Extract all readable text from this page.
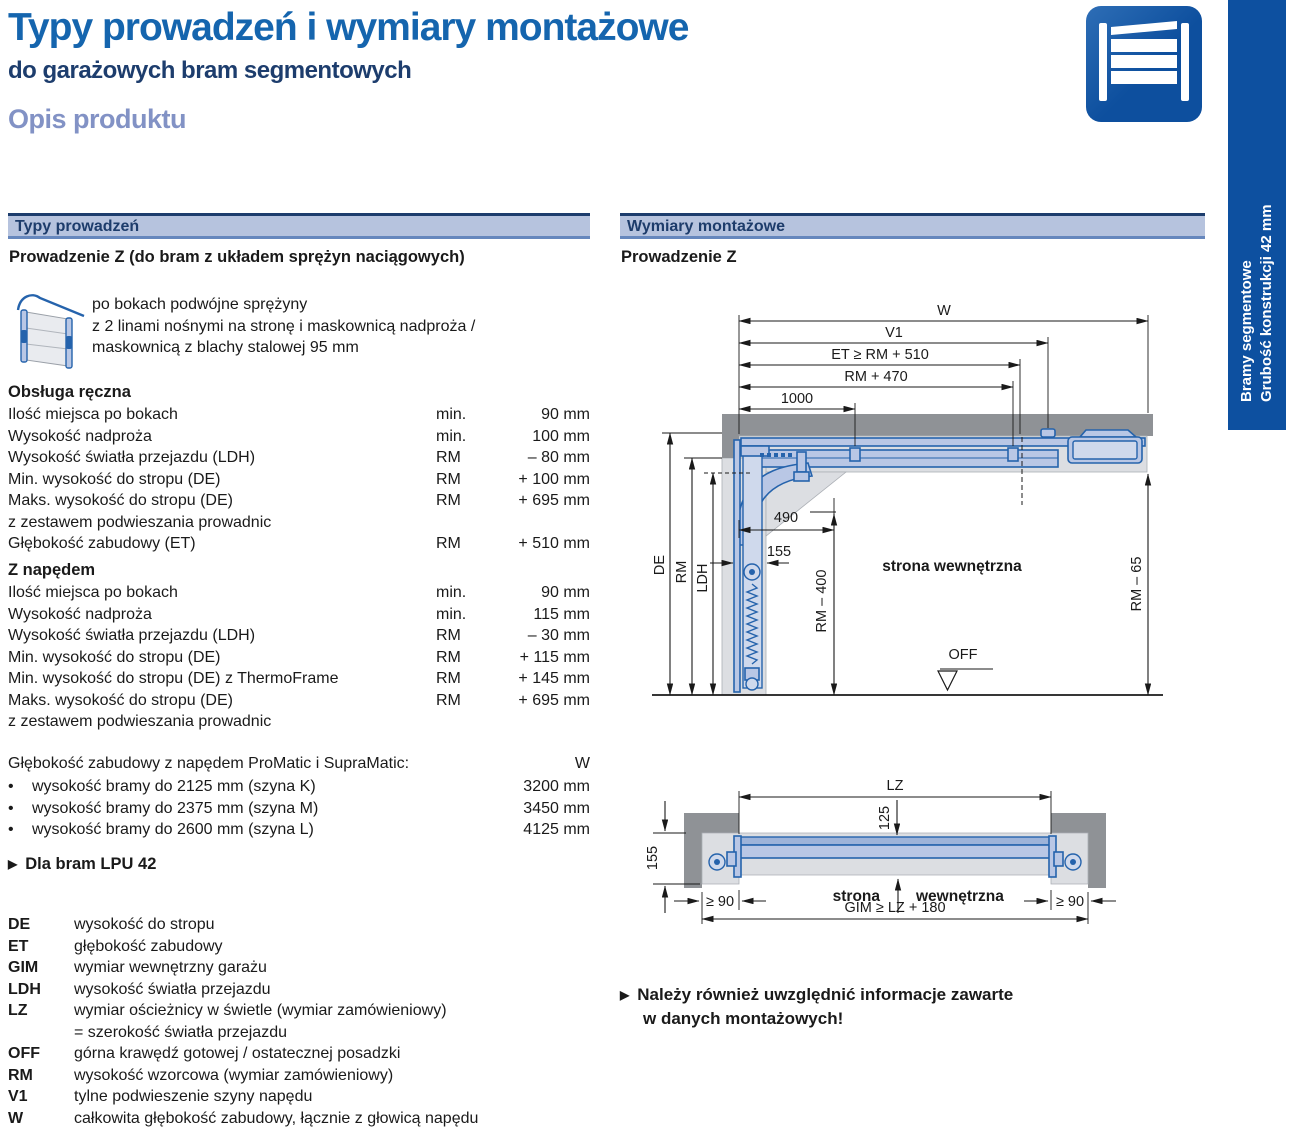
Typy prowadzeń i wymiary montażowe
do garażowych bram segmentowych
Opis produktu
Bramy segmentowe Grubość konstrukcji 42 mm
Typy prowadzeń
Prowadzenie Z (do bram z układem sprężyn naciągowych)
po bokach podwójne sprężyny
z 2 linami nośnymi na stronę i maskownicą nadproża /
maskownicą z blachy stalowej 95 mm
Obsługa ręczna
Ilość miejsca po bokach	min.	90 mm
Wysokość nadproża	min.	100 mm
Wysokość światła przejazdu (LDH)	RM	– 80 mm
Min. wysokość do stropu (DE)	RM	+ 100 mm
Maks. wysokość do stropu (DE)	RM	+ 695 mm
z zestawem podwieszania prowadnic
Głębokość zabudowy (ET)	RM	+ 510 mm
Z napędem
Ilość miejsca po bokach	min.	90 mm
Wysokość nadproża	min.	115 mm
Wysokość światła przejazdu (LDH)	RM	– 30 mm
Min. wysokość do stropu (DE)	RM	+ 115 mm
Min. wysokość do stropu (DE) z ThermoFrame	RM	+ 145 mm
Maks. wysokość do stropu (DE)	RM	+ 695 mm
z zestawem podwieszania prowadnic
Głębokość zabudowy z napędem ProMatic i SupraMatic:	W
•	wysokość bramy do 2125 mm (szyna K)	3200 mm
•	wysokość bramy do 2375 mm (szyna M)	3450 mm
•	wysokość bramy do 2600 mm (szyna L)	4125 mm
▶ Dla bram LPU 42
DE	wysokość do stropu
ET	głębokość zabudowy
GIM	wymiar wewnętrzny garażu
LDH	wysokość światła przejazdu
LZ	wymiar ościeżnicy w świetle (wymiar zamówieniowy)
= szerokość światła przejazdu
OFF	górna krawędź gotowej / ostatecznej posadzki
RM	wysokość wzorcowa (wymiar zamówieniowy)
V1	tylne podwieszenie szyny napędu
W	całkowita głębokość zabudowy, łącznie z głowicą napędu
Wymiary montażowe
Prowadzenie Z
W
V1
ET ≥ RM + 510
RM + 470
1000
DE RM LDH
490
155
RM – 400	RM – 65
strona wewnętrzna
OFF
LZ
125
155
strona wewnętrzna
≥ 90	≥ 90
GIM ≥ LZ + 180
▶ Należy również uwzględnić informacje zawarte
w danych montażowych!
